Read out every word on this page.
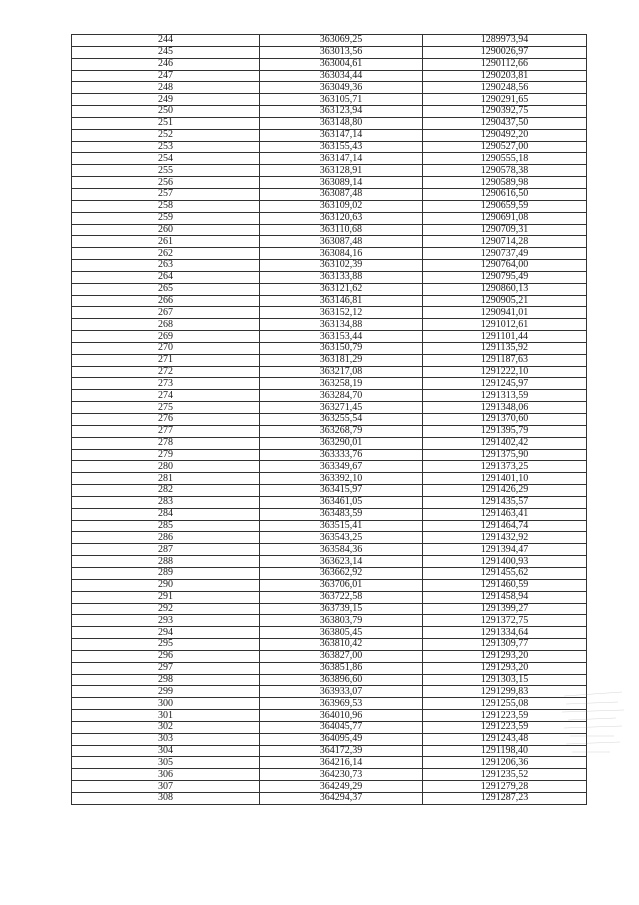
244	363069,25	1289973,94
245	363013,56	1290026,97
246	363004,61	1290112,66
247	363034,44	1290203,81
248	363049,36	1290248,56
249	363105,71	1290291,65
250	363123,94	1290392,75
251	363148,80	1290437,50
252	363147,14	1290492,20
253	363155,43	1290527,00
254	363147,14	1290555,18
255	363128,91	1290578,38
256	363089,14	1290589,98
257	363087,48	1290616,50
258	363109,02	1290659,59
259	363120,63	1290691,08
260	363110,68	1290709,31
261	363087,48	1290714,28
262	363084,16	1290737,49
263	363102,39	1290764,00
264	363133,88	1290795,49
265	363121,62	1290860,13
266	363146,81	1290905,21
267	363152,12	1290941,01
268	363134,88	1291012,61
269	363153,44	1291101,44
270	363150,79	1291135,92
271	363181,29	1291187,63
272	363217,08	1291222,10
273	363258,19	1291245,97
274	363284,70	1291313,59
275	363271,45	1291348,06
276	363255,54	1291370,60
277	363268,79	1291395,79
278	363290,01	1291402,42
279	363333,76	1291375,90
280	363349,67	1291373,25
281	363392,10	1291401,10
282	363415,97	1291426,29
283	363461,05	1291435,57
284	363483,59	1291463,41
285	363515,41	1291464,74
286	363543,25	1291432,92
287	363584,36	1291394,47
288	363623,14	1291400,93
289	363662,92	1291455,62
290	363706,01	1291460,59
291	363722,58	1291458,94
292	363739,15	1291399,27
293	363803,79	1291372,75
294	363805,45	1291334,64
295	363810,42	1291309,77
296	363827,00	1291293,20
297	363851,86	1291293,20
298	363896,60	1291303,15
299	363933,07	1291299,83
300	363969,53	1291255,08
301	364010,96	1291223,59
302	364045,77	1291223,59
303	364095,49	1291243,48
304	364172,39	1291198,40
305	364216,14	1291206,36
306	364230,73	1291235,52
307	364249,29	1291279,28
308	364294,37	1291287,23
